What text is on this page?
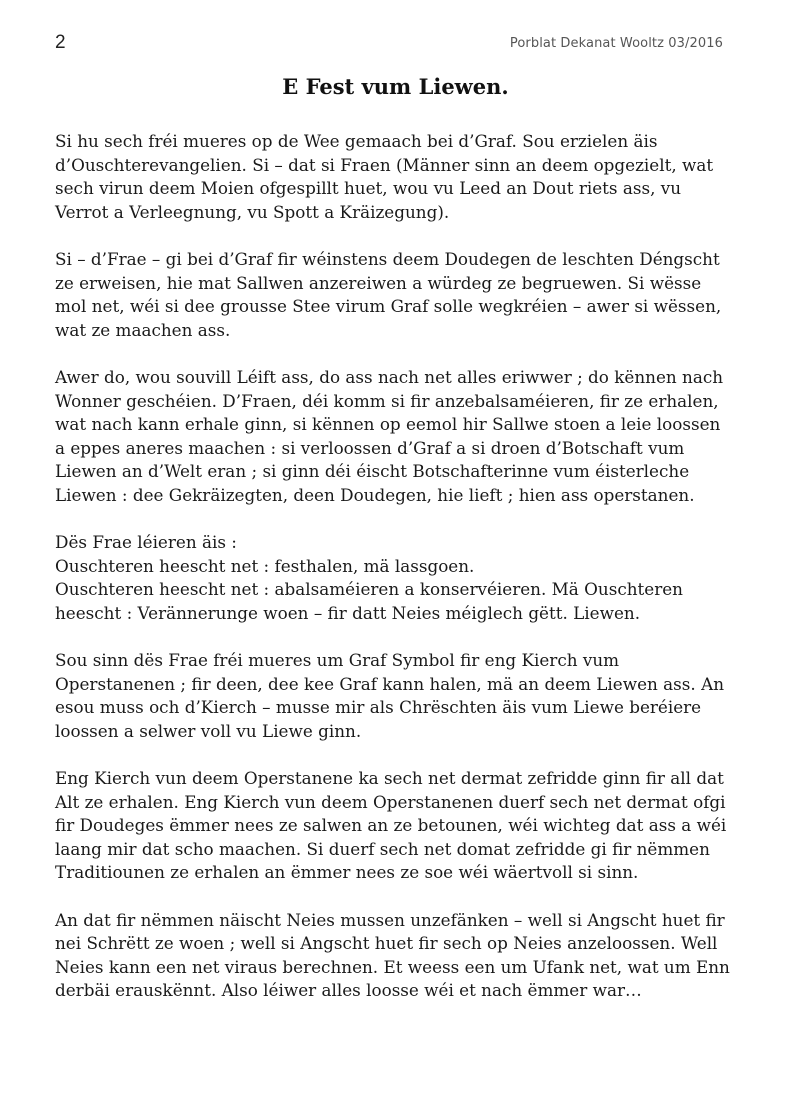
2	Porblat Dekanat Wooltz 03/2016
E Fest vum Liewen.

Si hu sech fréi mueres op de Wee gemaach bei d’Graf. Sou erzielen äis
d’Ouschterevangelien. Si – dat si Fraen (Männer sinn an deem opgezielt, wat
sech virun deem Moien ofgespillt huet, wou vu Leed an Dout riets ass, vu
Verrot a Verleegnung, vu Spott a Kräizegung).

Si – d’Frae – gi bei d’Graf fir wéinstens deem Doudegen de leschten Déngscht
ze erweisen, hie mat Sallwen anzereiwen a würdeg ze begruewen. Si wësse
mol net, wéi si dee grousse Stee virum Graf solle wegkréien – awer si wëssen,
wat ze maachen ass.

Awer do, wou souvill Léift ass, do ass nach net alles eriwwer ; do kënnen nach
Wonner geschéien. D’Fraen, déi komm si fir anzebalsaméieren, fir ze erhalen,
wat nach kann erhale ginn, si kënnen op eemol hir Sallwe stoen a leie loossen
a eppes aneres maachen : si verloossen d’Graf a si droen d’Botschaft vum
Liewen an d’Welt eran ; si ginn déi éischt Botschafterinne vum éisterleche
Liewen : dee Gekräizegten, deen Doudegen, hie lieft ; hien ass operstanen.

Dës Frae léieren äis :
Ouschteren heescht net : festhalen, mä lassgoen.
Ouschteren heescht net : abalsaméieren a konservéieren. Mä Ouschteren
heescht : Verännerunge woen – fir datt Neies méiglech gëtt. Liewen.

Sou sinn dës Frae fréi mueres um Graf Symbol fir eng Kierch vum
Operstanenen ; fir deen, dee kee Graf kann halen, mä an deem Liewen ass. An
esou muss och d’Kierch – musse mir als Chrëschten äis vum Liewe beréiere
loossen a selwer voll vu Liewe ginn.

Eng Kierch vun deem Operstanene ka sech net dermat zefridde ginn fir all dat
Alt ze erhalen. Eng Kierch vun deem Operstanenen duerf sech net dermat ofgi
fir Doudeges ëmmer nees ze salwen an ze betounen, wéi wichteg dat ass a wéi
laang mir dat scho maachen. Si duerf sech net domat zefridde gi fir nëmmen
Traditiounen ze erhalen an ëmmer nees ze soe wéi wäertvoll si sinn.

An dat fir nëmmen näischt Neies mussen unzefänken – well si Angscht huet fir
nei Schrëtt ze woen ; well si Angscht huet fir sech op Neies anzeloossen. Well
Neies kann een net viraus berechnen. Et weess een um Ufank net, wat um Enn
derbäi erauskënnt. Also léiwer alles loosse wéi et nach ëmmer war…
